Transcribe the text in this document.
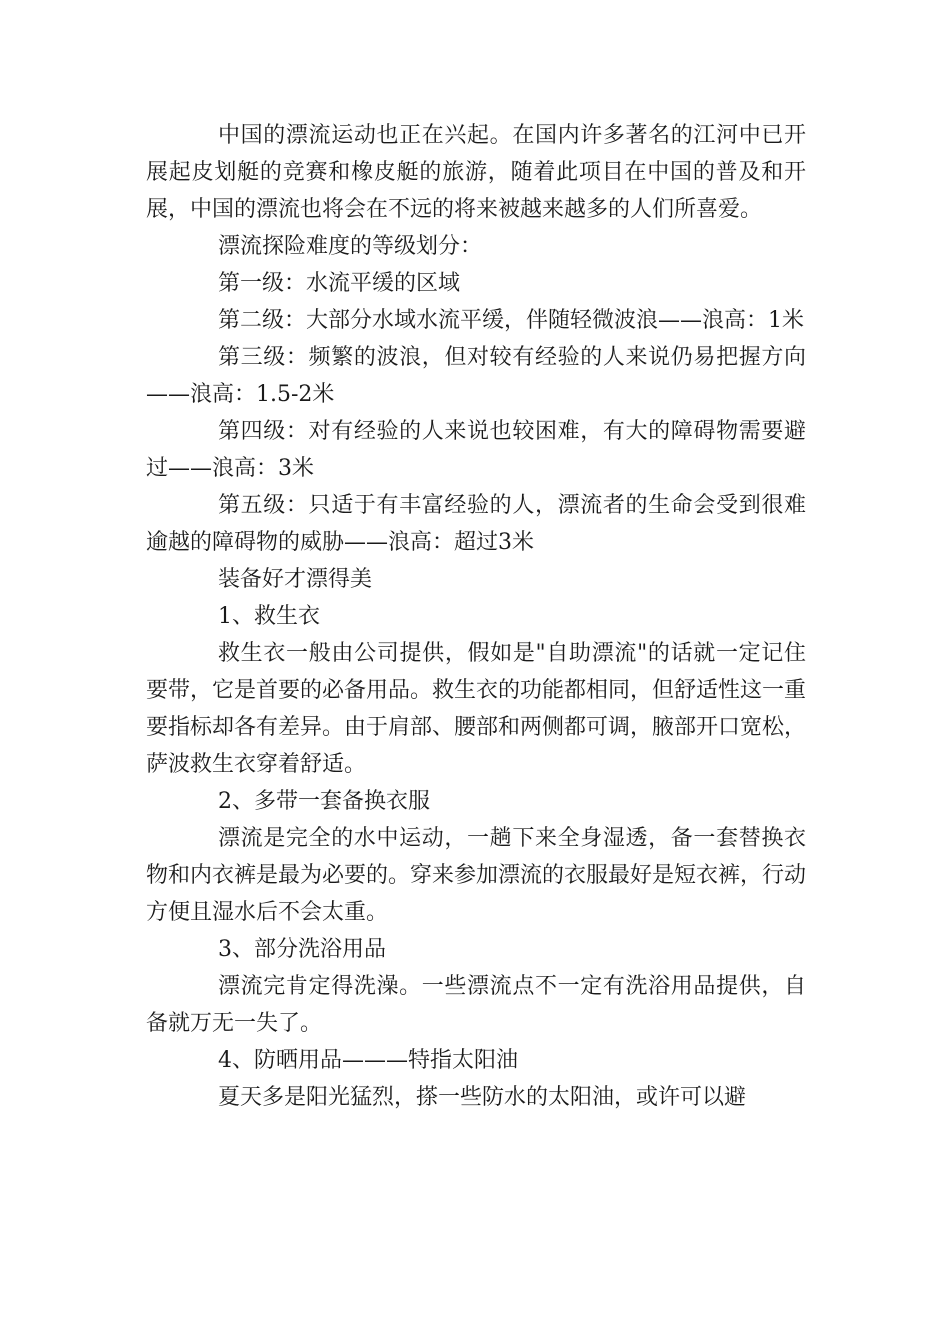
中国的漂流运动也正在兴起。在国内许多著名的江河中已开展起皮划艇的竞赛和橡皮艇的旅游，随着此项目在中国的普及和开展，中国的漂流也将会在不远的将来被越来越多的人们所喜爱。

漂流探险难度的等级划分：

第一级：水流平缓的区域

第二级：大部分水域水流平缓，伴随轻微波浪——浪高：1米

第三级：频繁的波浪，但对较有经验的人来说仍易把握方向——浪高：1.5-2米

第四级：对有经验的人来说也较困难，有大的障碍物需要避过——浪高：3米

第五级：只适于有丰富经验的人，漂流者的生命会受到很难逾越的障碍物的威胁——浪高：超过3米

装备好才漂得美

1、救生衣

救生衣一般由公司提供，假如是"自助漂流"的话就一定记住要带，它是首要的必备用品。救生衣的功能都相同，但舒适性这一重要指标却各有差异。由于肩部、腰部和两侧都可调，腋部开口宽松，萨波救生衣穿着舒适。

2、多带一套备换衣服

漂流是完全的水中运动，一趟下来全身湿透，备一套替换衣物和内衣裤是最为必要的。穿来参加漂流的衣服最好是短衣裤，行动方便且湿水后不会太重。

3、部分洗浴用品

漂流完肯定得洗澡。一些漂流点不一定有洗浴用品提供，自备就万无一失了。

4、防晒用品———特指太阳油

夏天多是阳光猛烈，搽一些防水的太阳油，或许可以避
